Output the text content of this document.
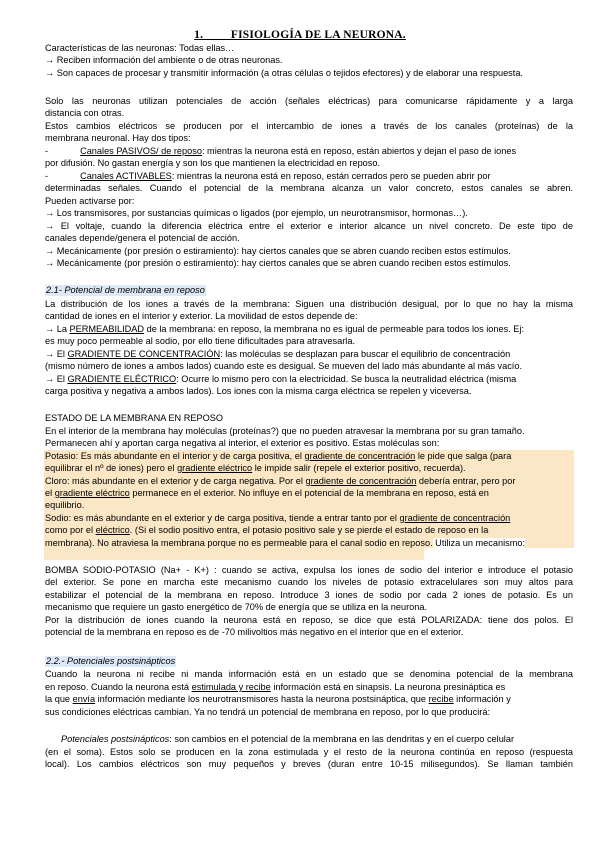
1.         FISIOLOGÍA DE LA NEURONA.
Características de las neuronas: Todas ellas…
→ Reciben información del ambiente o de otras neuronas.
→ Son capaces de procesar y transmitir información (a otras células o tejidos efectores) y de elaborar una respuesta.
Solo las neuronas utilizan potenciales de acción (señales eléctricas) para comunicarse rápidamente y a larga
distancia con otras.
Estos cambios eléctricos se producen por el intercambio de iones a través de los canales (proteínas) de la
membrana neuronal. Hay dos tipos:
-	Canales PASIVOS/ de reposo: mientras la neurona está en reposo, están abiertos y dejan el paso de iones
por difusión. No gastan energía y son los que mantienen la electricidad en reposo.
-	Canales ACTIVABLES: mientras la neurona está en reposo, están cerrados pero se pueden abrir por
determinadas señales. Cuando el potencial de la membrana alcanza un valor concreto, estos canales se abren.
Pueden activarse por:
→ Los transmisores, por sustancias químicas o ligados (por ejemplo, un neurotransmisor, hormonas…).
→ El voltaje, cuando la diferencia eléctrica entre el exterior e interior alcance un nivel concreto. De este tipo de
canales depende/genera el potencial de acción.
→ Mecánicamente (por presión o estiramiento): hay ciertos canales que se abren cuando reciben estos estímulos.
→ Mecánicamente (por presión o estiramiento): hay ciertos canales que se abren cuando reciben estos estímulos.
2.1- Potencial de membrana en reposo
La distribución de los iones a través de la membrana: Siguen una distribución desigual, por lo que no hay la misma
cantidad de iones en el interior y exterior. La movilidad de estos depende de:
→ La PERMEABILIDAD de la membrana: en reposo, la membrana no es igual de permeable para todos los iones. Ej:
es muy poco permeable al sodio, por ello tiene dificultades para atravesarla.
→ El GRADIENTE DE CONCENTRACIÓN: las moléculas se desplazan para buscar el equilibrio de concentración
(mismo número de iones a ambos lados) cuando este es desigual. Se mueven del lado más abundante al más vacío.
→ El GRADIENTE ELÉCTRICO: Ocurre lo mismo pero con la electricidad. Se busca la neutralidad eléctrica (misma
carga positiva y negativa a ambos lados). Los iones con la misma carga eléctrica se repelen y viceversa.
ESTADO DE LA MEMBRANA EN REPOSO
En el interior de la membrana hay moléculas (proteínas?) que no pueden atravesar la membrana por su gran tamaño.
Permanecen ahí y aportan carga negativa al interior, el exterior es positivo. Estas moléculas son:
Potasio: Es más abundante en el interior y de carga positiva, el gradiente de concentración le pide que salga (para
equilibrar el nº de iones) pero el gradiente eléctrico le impide salir (repele el exterior positivo, recuerda).
Cloro: más abundante en el exterior y de carga negativa. Por el gradiente de concentración debería entrar, pero por
el gradiente eléctrico permanece en el exterior. No influye en el potencial de la membrana en reposo, está en
equilibrio.
Sodio: es más abundante en el exterior y de carga positiva, tiende a entrar tanto por el gradiente de concentración
como por el eléctrico. (Si el sodio positivo entra, el potasio positivo sale y se pierde el estado de reposo en la
membrana). No atraviesa la membrana porque no es permeable para el canal sodio en reposo. Utiliza un mecanismo:
BOMBA SODIO-POTASIO (Na+ - K+) : cuando se activa, expulsa los iones de sodio del interior e introduce el potasio
del exterior. Se pone en marcha este mecanismo cuando los niveles de potasio extracelulares son muy altos para
estabilizar el potencial de la membrana en reposo. Introduce 3 iones de sodio por cada 2 iones de potasio. Es un
mecanismo que requiere un gasto energético de 70% de energía que se utiliza en la neurona.
Por la distribución de iones cuando la neurona está en reposo, se dice que está POLARIZADA: tiene dos polos. El
potencial de la membrana en reposo es de -70 milivoltios más negativo en el interior que en el exterior.
2.2.- Potenciales postsinápticos
Cuando la neurona ni recibe ni manda información está en un estado que se denomina potencial de la membrana
en reposo. Cuando la neurona está estimulada y recibe información está en sinapsis. La neurona presináptica es
la que envía información mediante los neurotransmisores hasta la neurona postsináptica, que recibe información y
sus condiciones eléctricas cambian. Ya no tendrá un potencial de membrana en reposo, por lo que producirá:
Potenciales postsinápticos: son cambios en el potencial de la membrana en las dendritas y en el cuerpo celular
(en el soma). Estos solo se producen en la zona estimulada y el resto de la neurona continúa en reposo (respuesta
local). Los cambios eléctricos son muy pequeños y breves (duran entre 10-15 milisegundos). Se llaman también
